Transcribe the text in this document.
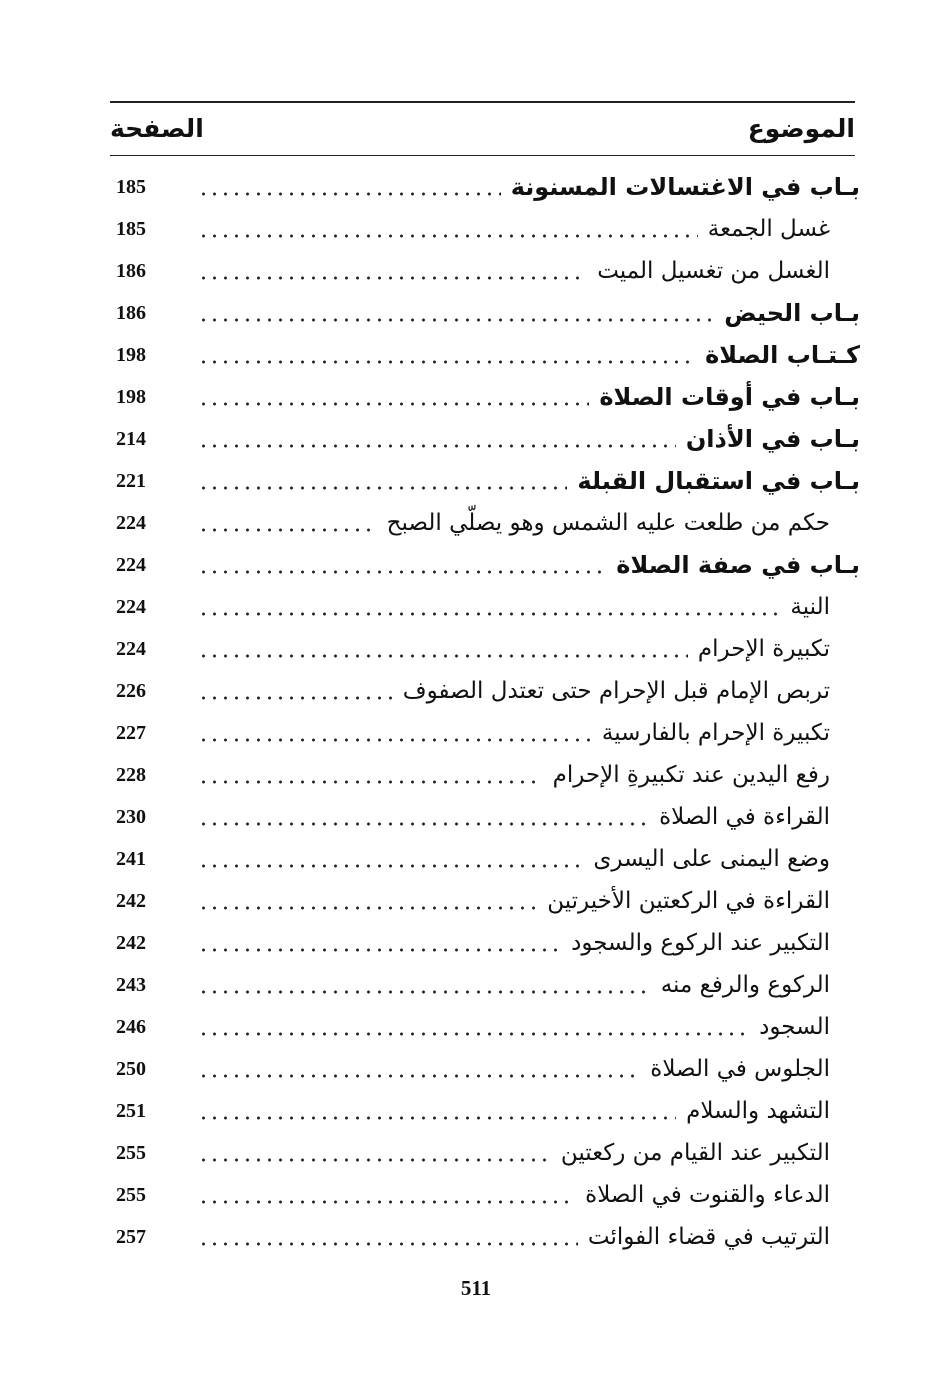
الموضوع
الصفحة
بـاب في الاغتسالات المسنونة
185
غسل الجمعة
185
الغسل من تغسيل الميت
186
بـاب الحيض
186
كـتـاب الصلاة
198
بـاب في أوقات الصلاة
198
بـاب في الأذان
214
بـاب في استقبال القبلة
221
حكم من طلعت عليه الشمس وهو يصلّي الصبح
224
بـاب في صفة الصلاة
224
النية
224
تكبيرة الإحرام
224
تربص الإمام قبل الإحرام حتى تعتدل الصفوف
226
تكبيرة الإحرام بالفارسية
227
رفع اليدين عند تكبيرةِ الإحرام
228
القراءة في الصلاة
230
وضع اليمنى على اليسرى
241
القراءة في الركعتين الأخيرتين
242
التكبير عند الركوع والسجود
242
الركوع والرفع منه
243
السجود
246
الجلوس في الصلاة
250
التشهد والسلام
251
التكبير عند القيام من ركعتين
255
الدعاء والقنوت في الصلاة
255
الترتيب في قضاء الفوائت
257
511
